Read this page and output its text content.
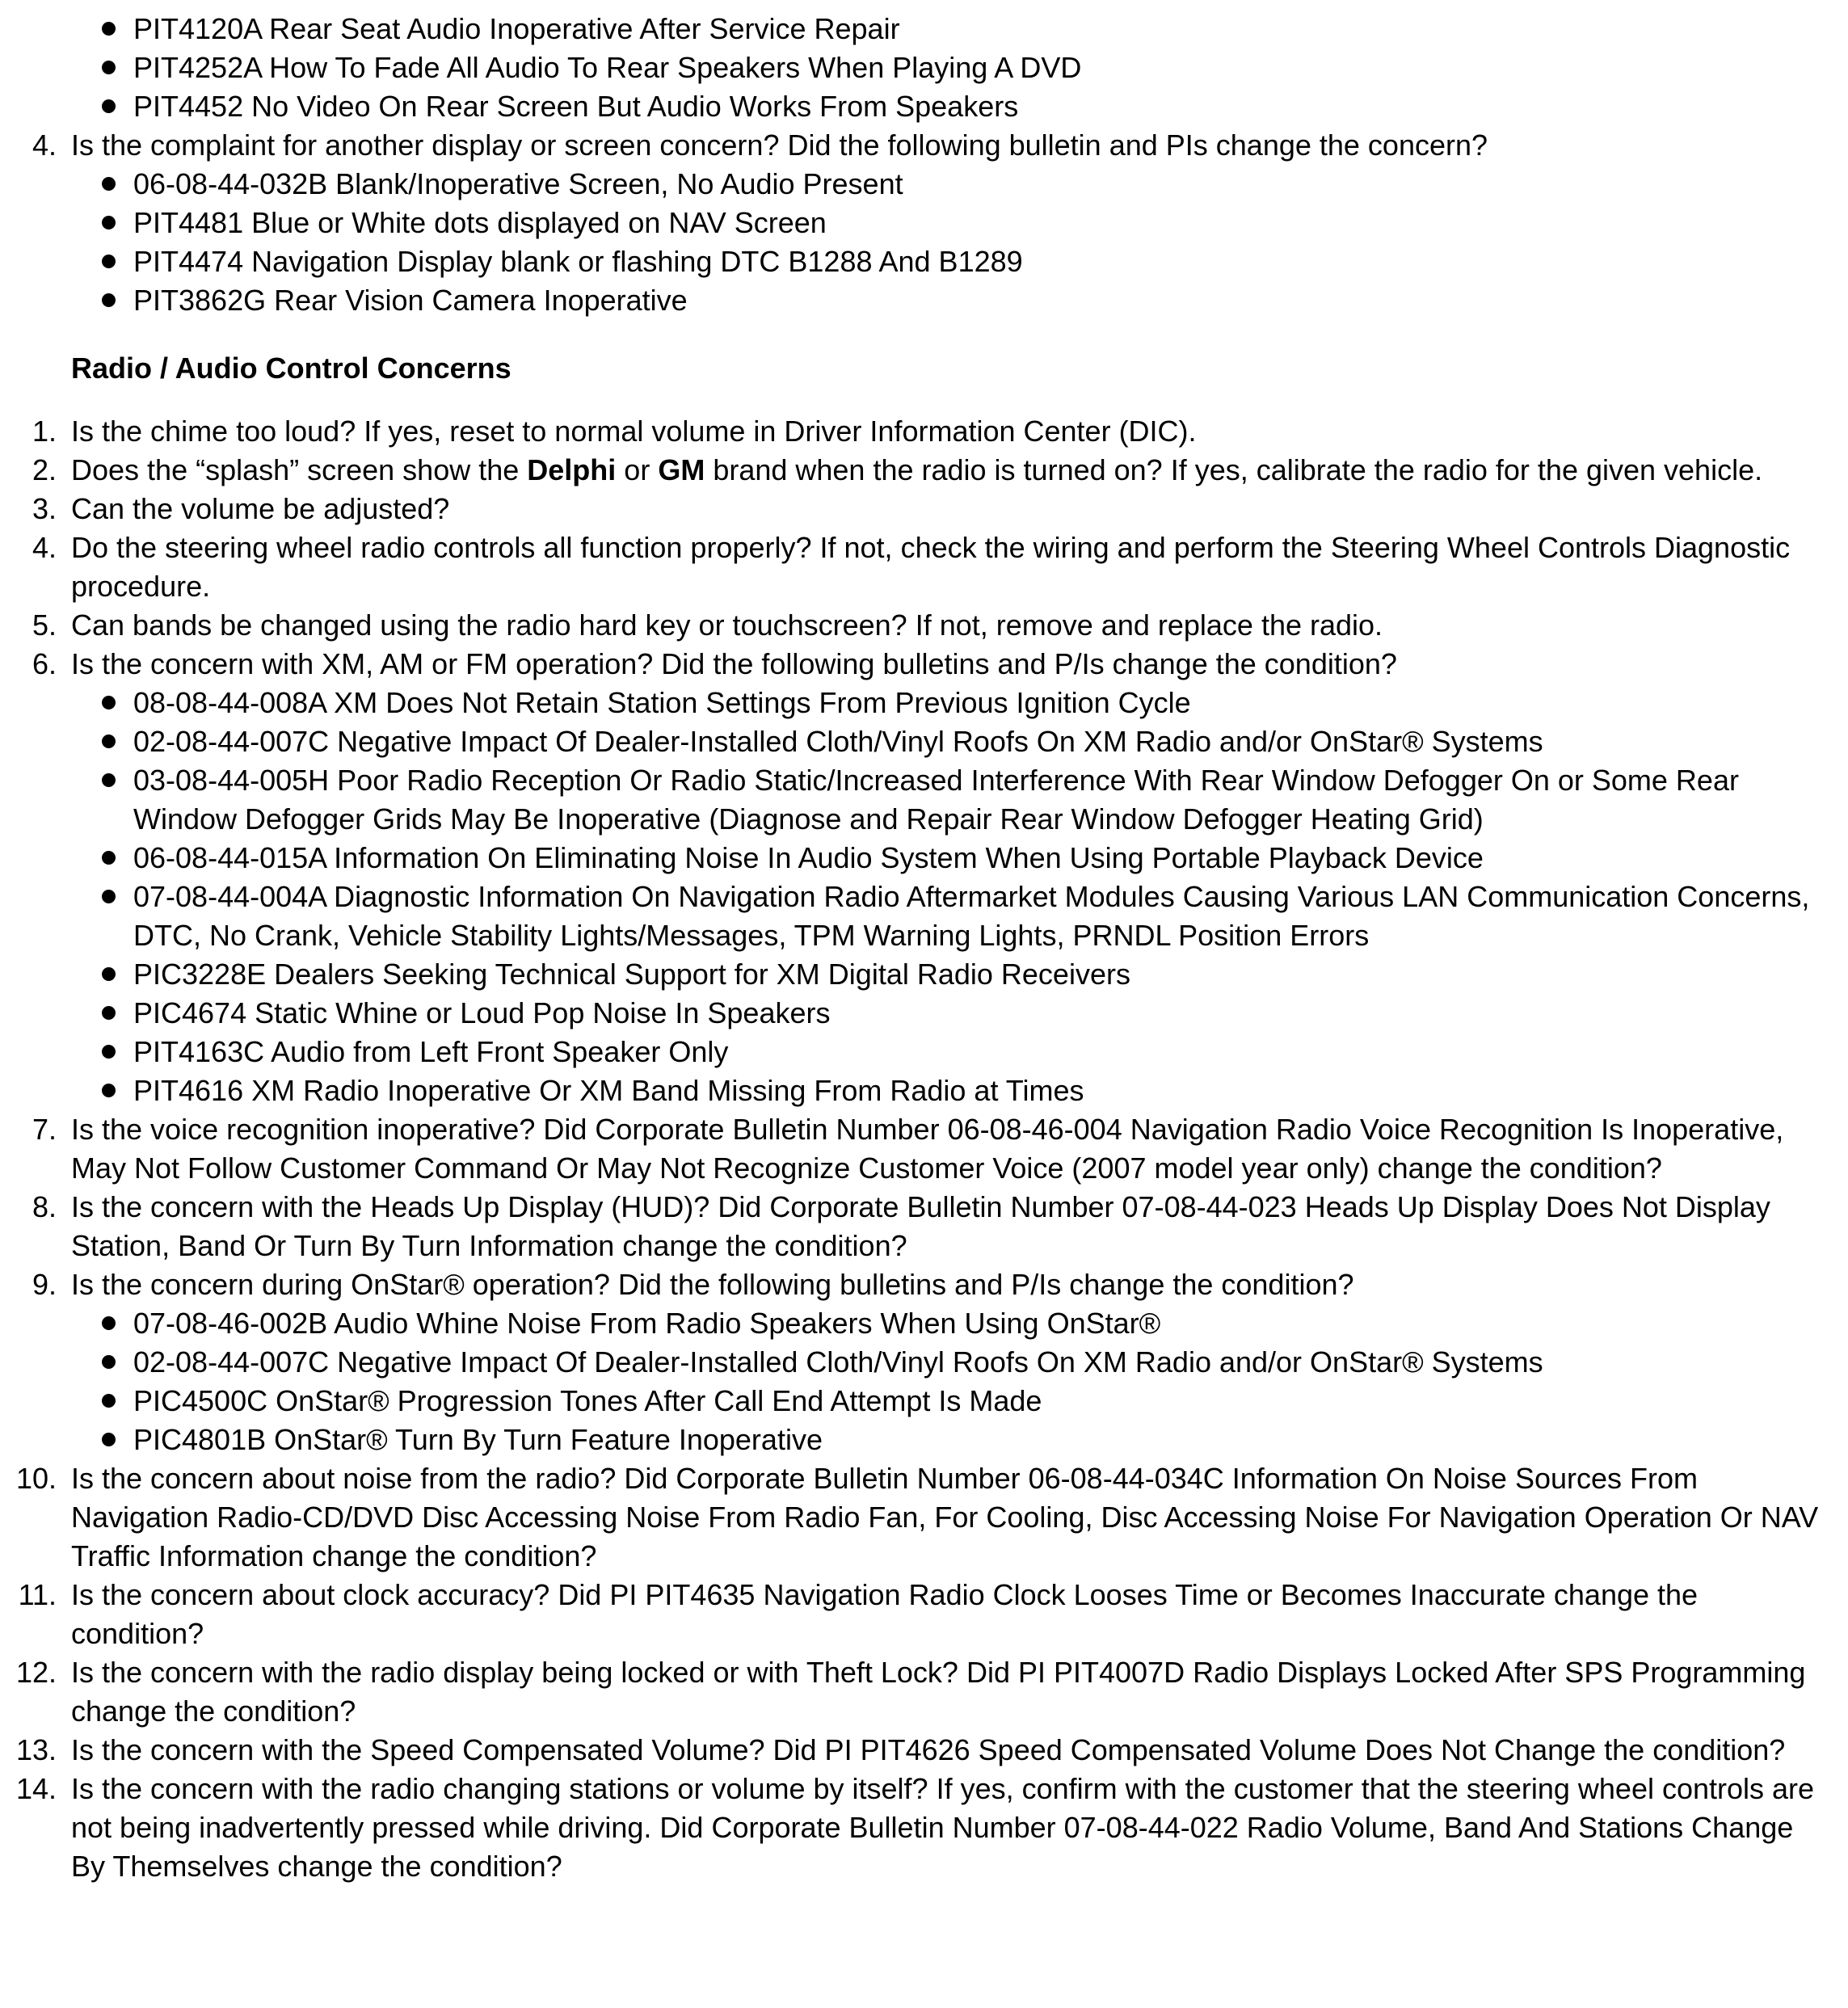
PIT4120A Rear Seat Audio Inoperative After Service Repair
PIT4252A How To Fade All Audio To Rear Speakers When Playing A DVD
PIT4452 No Video On Rear Screen But Audio Works From Speakers
4. Is the complaint for another display or screen concern? Did the following bulletin and PIs change the concern?
06-08-44-032B Blank/Inoperative Screen, No Audio Present
PIT4481 Blue or White dots displayed on NAV Screen
PIT4474 Navigation Display blank or flashing DTC B1288 And B1289
PIT3862G Rear Vision Camera Inoperative
Radio / Audio Control Concerns
1. Is the chime too loud? If yes, reset to normal volume in Driver Information Center (DIC).
2. Does the “splash” screen show the Delphi or GM brand when the radio is turned on? If yes, calibrate the radio for the given vehicle.
3. Can the volume be adjusted?
4. Do the steering wheel radio controls all function properly? If not, check the wiring and perform the Steering Wheel Controls Diagnostic procedure.
5. Can bands be changed using the radio hard key or touchscreen? If not, remove and replace the radio.
6. Is the concern with XM, AM or FM operation? Did the following bulletins and P/Is change the condition?
08-08-44-008A XM Does Not Retain Station Settings From Previous Ignition Cycle
02-08-44-007C Negative Impact Of Dealer-Installed Cloth/Vinyl Roofs On XM Radio and/or OnStar® Systems
03-08-44-005H Poor Radio Reception Or Radio Static/Increased Interference With Rear Window Defogger On or Some Rear Window Defogger Grids May Be Inoperative (Diagnose and Repair Rear Window Defogger Heating Grid)
06-08-44-015A Information On Eliminating Noise In Audio System When Using Portable Playback Device
07-08-44-004A Diagnostic Information On Navigation Radio Aftermarket Modules Causing Various LAN Communication Concerns, DTC, No Crank, Vehicle Stability Lights/Messages, TPM Warning Lights, PRNDL Position Errors
PIC3228E Dealers Seeking Technical Support for XM Digital Radio Receivers
PIC4674 Static Whine or Loud Pop Noise In Speakers
PIT4163C Audio from Left Front Speaker Only
PIT4616 XM Radio Inoperative Or XM Band Missing From Radio at Times
7. Is the voice recognition inoperative? Did Corporate Bulletin Number 06-08-46-004 Navigation Radio Voice Recognition Is Inoperative, May Not Follow Customer Command Or May Not Recognize Customer Voice (2007 model year only) change the condition?
8. Is the concern with the Heads Up Display (HUD)? Did Corporate Bulletin Number 07-08-44-023 Heads Up Display Does Not Display Station, Band Or Turn By Turn Information change the condition?
9. Is the concern during OnStar® operation? Did the following bulletins and P/Is change the condition?
07-08-46-002B Audio Whine Noise From Radio Speakers When Using OnStar®
02-08-44-007C Negative Impact Of Dealer-Installed Cloth/Vinyl Roofs On XM Radio and/or OnStar® Systems
PIC4500C OnStar® Progression Tones After Call End Attempt Is Made
PIC4801B OnStar® Turn By Turn Feature Inoperative
10. Is the concern about noise from the radio? Did Corporate Bulletin Number 06-08-44-034C Information On Noise Sources From Navigation Radio-CD/DVD Disc Accessing Noise From Radio Fan, For Cooling, Disc Accessing Noise For Navigation Operation Or NAV Traffic Information change the condition?
11. Is the concern about clock accuracy? Did PI PIT4635 Navigation Radio Clock Looses Time or Becomes Inaccurate change the condition?
12. Is the concern with the radio display being locked or with Theft Lock? Did PI PIT4007D Radio Displays Locked After SPS Programming change the condition?
13. Is the concern with the Speed Compensated Volume? Did PI PIT4626 Speed Compensated Volume Does Not Change the condition?
14. Is the concern with the radio changing stations or volume by itself? If yes, confirm with the customer that the steering wheel controls are not being inadvertently pressed while driving. Did Corporate Bulletin Number 07-08-44-022 Radio Volume, Band And Stations Change By Themselves change the condition?
